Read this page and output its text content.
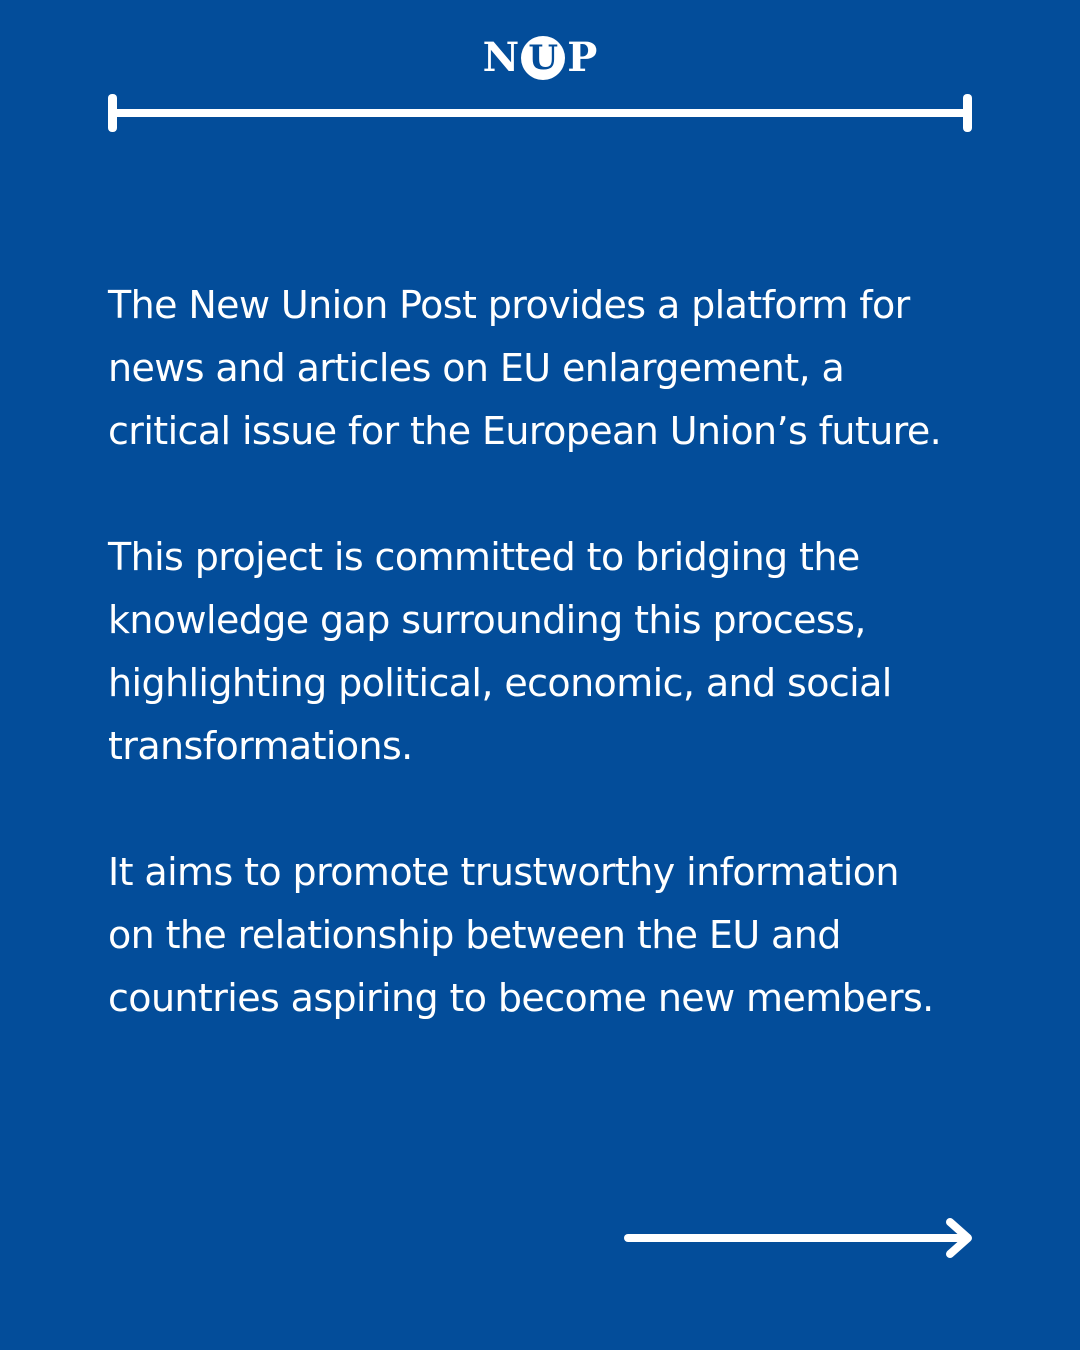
N U P

The New Union Post provides a platform for
news and articles on EU enlargement, a
critical issue for the European Union’s future.

This project is committed to bridging the
knowledge gap surrounding this process,
highlighting political, economic, and social
transformations.

It aims to promote trustworthy information
on the relationship between the EU and
countries aspiring to become new members.
